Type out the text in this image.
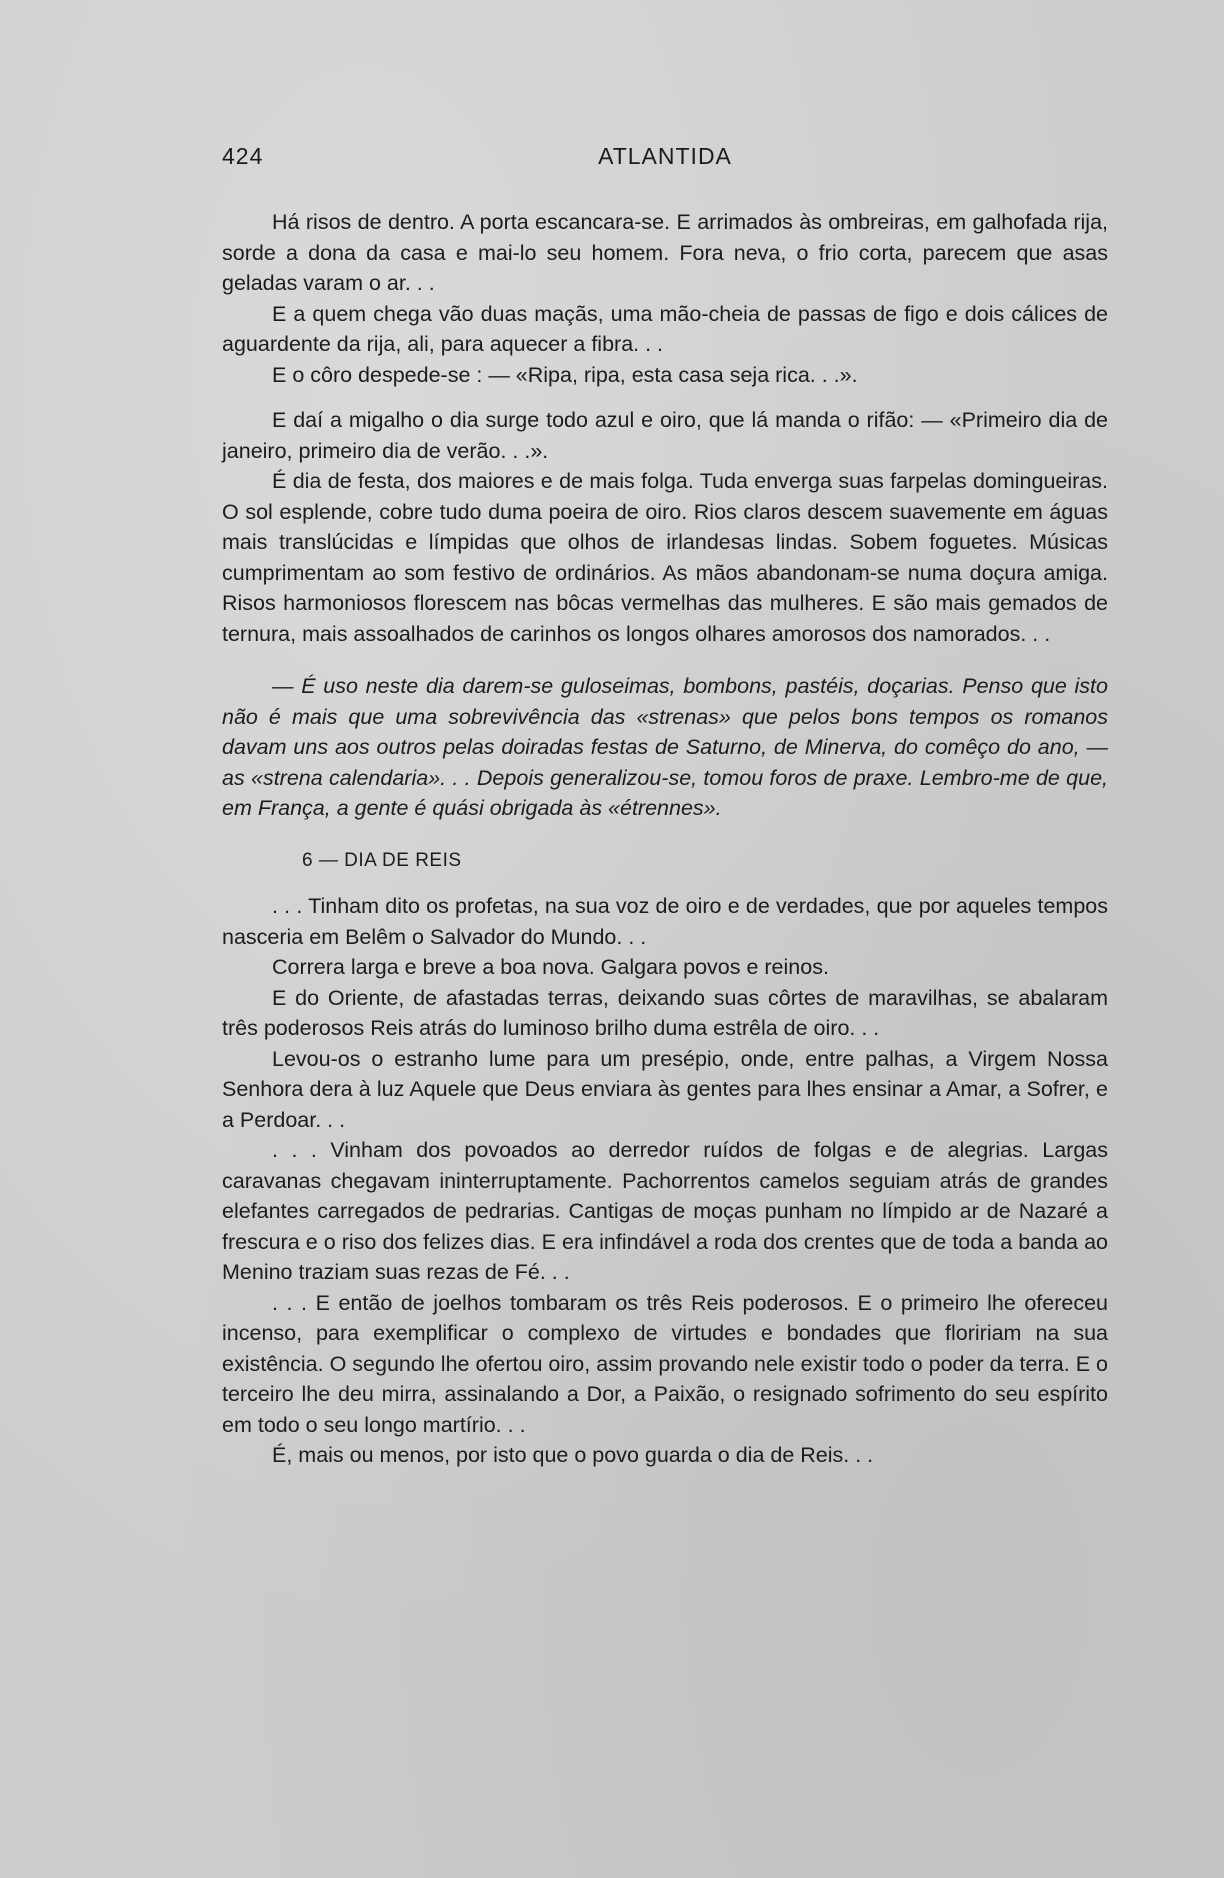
424	ATLANTIDA

Há risos de dentro. A porta escancara-se. E arrimados às ombreiras, em galhofada rija, sorde a dona da casa e mai-lo seu homem. Fora neva, o frio corta, parecem que asas geladas varam o ar. . .

E a quem chega vão duas maçãs, uma mão-cheia de passas de figo e dois cálices de aguardente da rija, ali, para aquecer a fibra. . .

E o côro despede-se : — «Ripa, ripa, esta casa seja rica. . .».

E daí a migalho o dia surge todo azul e oiro, que lá manda o rifão: — «Primeiro dia de janeiro, primeiro dia de verão. . .».

É dia de festa, dos maiores e de mais folga. Tuda enverga suas farpelas domingueiras. O sol esplende, cobre tudo duma poeira de oiro. Rios claros descem suavemente em águas mais translúcidas e límpidas que olhos de irlandesas lindas. Sobem foguetes. Músicas cumprimentam ao som festivo de ordinários. As mãos abandonam-se numa doçura amiga. Risos harmoniosos florescem nas bôcas vermelhas das mulheres. E são mais gemados de ternura, mais assoalhados de carinhos os longos olhares amorosos dos namorados. . .

— É uso neste dia darem-se guloseimas, bombons, pastéis, doçarias. Penso que isto não é mais que uma sobrevivência das «strenas» que pelos bons tempos os romanos davam uns aos outros pelas doiradas festas de Saturno, de Minerva, do comêço do ano, — as «strena calendaria». . . Depois generalizou-se, tomou foros de praxe. Lembro-me de que, em França, a gente é quási obrigada às «étrennes».

6 — DIA DE REIS

. . . Tinham dito os profetas, na sua voz de oiro e de verdades, que por aqueles tempos nasceria em Belêm o Salvador do Mundo. . .

Correra larga e breve a boa nova. Galgara povos e reinos.

E do Oriente, de afastadas terras, deixando suas côrtes de maravilhas, se abalaram três poderosos Reis atrás do luminoso brilho duma estrêla de oiro. . .

Levou-os o estranho lume para um presépio, onde, entre palhas, a Virgem Nossa Senhora dera à luz Aquele que Deus enviara às gentes para lhes ensinar a Amar, a Sofrer, e a Perdoar. . .

. . . Vinham dos povoados ao derredor ruídos de folgas e de alegrias. Largas caravanas chegavam ininterruptamente. Pachorrentos camelos seguiam atrás de grandes elefantes carregados de pedrarias. Cantigas de moças punham no límpido ar de Nazaré a frescura e o riso dos felizes dias. E era infindável a roda dos crentes que de toda a banda ao Menino traziam suas rezas de Fé. . .

. . . E então de joelhos tombaram os três Reis poderosos. E o primeiro lhe ofereceu incenso, para exemplificar o complexo de virtudes e bondades que floririam na sua existência. O segundo lhe ofertou oiro, assim provando nele existir todo o poder da terra. E o terceiro lhe deu mirra, assinalando a Dor, a Paixão, o resignado sofrimento do seu espírito em todo o seu longo martírio. . .

É, mais ou menos, por isto que o povo guarda o dia de Reis. . .
